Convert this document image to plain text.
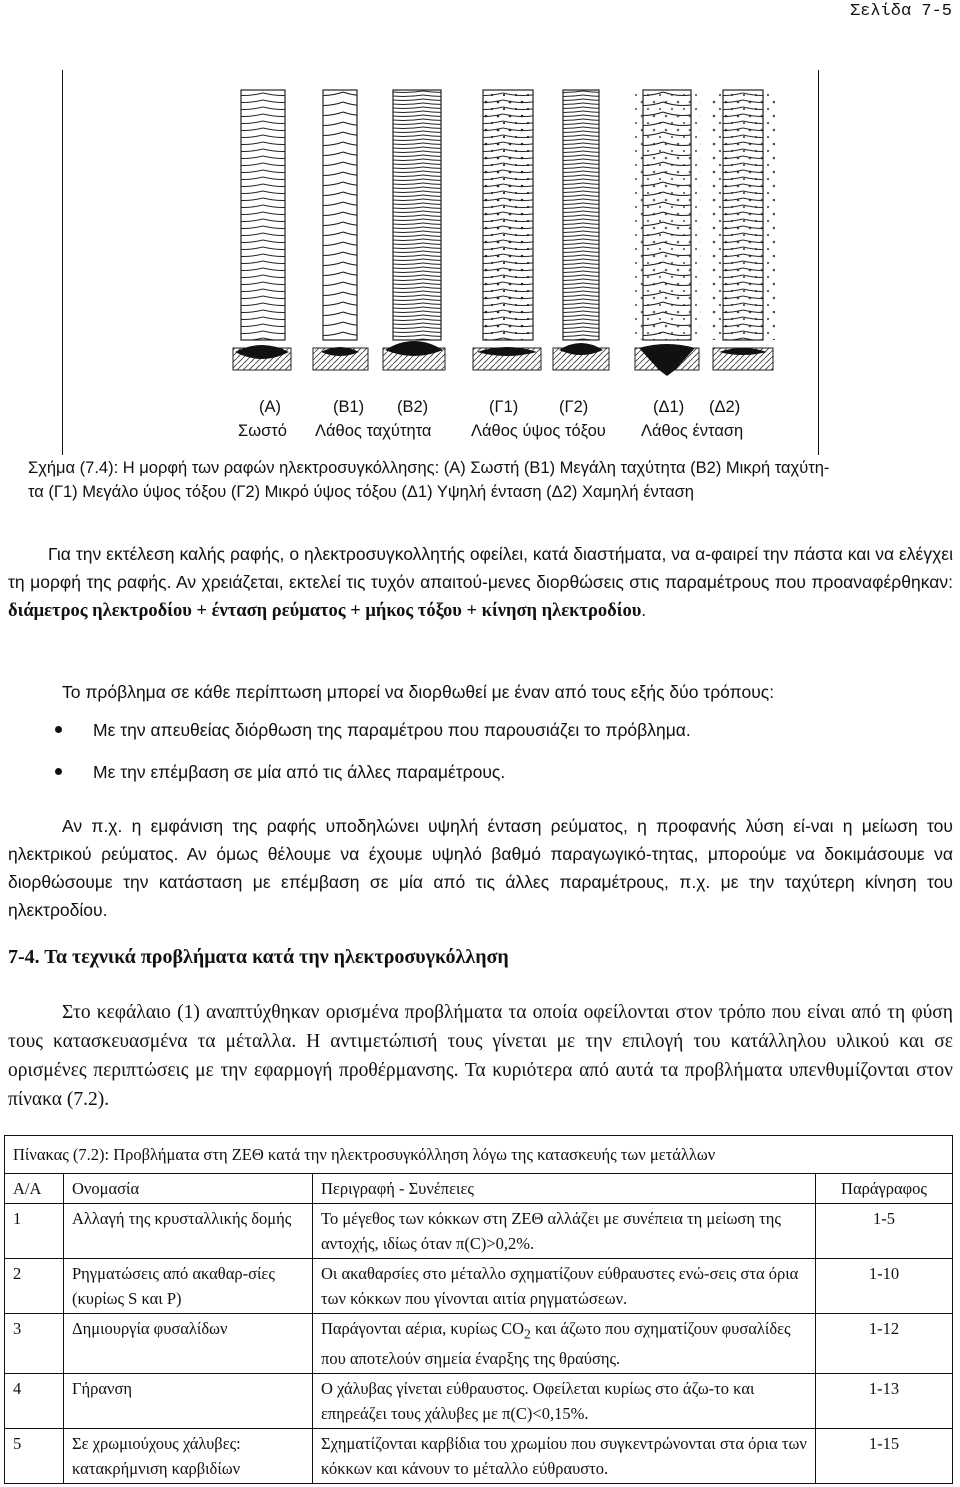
Σελίδα 7-5
(A)
Σωστό
(B1) (B2)
Λάθος ταχύτητα
(Γ1) (Γ2)
Λάθος ύψος τόξου
(Δ1) (Δ2)
Λάθος ένταση
Σχήμα (7.4): Η μορφή των ραφών ηλεκτροσυγκόλλησης: (A) Σωστή (B1) Μεγάλη ταχύτητα (B2) Μικρή ταχύτη-
τα (Γ1) Μεγάλο ύψος τόξου (Γ2) Μικρό ύψος τόξου (Δ1) Υψηλή ένταση (Δ2) Χαμηλή ένταση
Για την εκτέλεση καλής ραφής, ο ηλεκτροσυγκολλητής οφείλει, κατά διαστήματα, να α-φαιρεί την πάστα και να ελέγχει τη μορφή της ραφής. Αν χρειάζεται, εκτελεί τις τυχόν απαιτού-μενες διορθώσεις στις παραμέτρους που προαναφέρθηκαν: διάμετρος ηλεκτροδίου + ένταση ρεύματος + μήκος τόξου + κίνηση ηλεκτροδίου.
Το πρόβλημα σε κάθε περίπτωση μπορεί να διορθωθεί με έναν από τους εξής δύο τρόπους:
Με την απευθείας διόρθωση της παραμέτρου που παρουσιάζει το πρόβλημα.
Με την επέμβαση σε μία από τις άλλες παραμέτρους.
Αν π.χ. η εμφάνιση της ραφής υποδηλώνει υψηλή ένταση ρεύματος, η προφανής λύση εί-ναι η μείωση του ηλεκτρικού ρεύματος. Αν όμως θέλουμε να έχουμε υψηλό βαθμό παραγωγικό-τητας, μπορούμε να δοκιμάσουμε να διορθώσουμε την κατάσταση με επέμβαση σε μία από τις άλλες παραμέτρους, π.χ. με την ταχύτερη κίνηση του ηλεκτροδίου.
7-4. Τα τεχνικά προβλήματα κατά την ηλεκτροσυγκόλληση
Στο κεφάλαιο (1) αναπτύχθηκαν ορισμένα προβλήματα τα οποία οφείλονται στον τρόπο που είναι από τη φύση τους κατασκευασμένα τα μέταλλα. Η αντιμετώπισή τους γίνεται με την επιλογή του κατάλληλου υλικού και σε ορισμένες περιπτώσεις με την εφαρμογή προθέρμανσης. Τα κυριότερα από αυτά τα προβλήματα υπενθυμίζονται στον πίνακα (7.2).
Πίνακας (7.2): Προβλήματα στη ΖΕΘ κατά την ηλεκτροσυγκόλληση λόγω της κατασκευής των μετάλλων			
Α/Α	Ονομασία	Περιγραφή - Συνέπειες	Παράγραφος
1	Αλλαγή της κρυσταλλικής δομής	Το μέγεθος των κόκκων στη ΖΕΘ αλλάζει με συνέπεια τη μείωση της αντοχής, ιδίως όταν π(C)>0,2%.	1-5
2	Ρηγματώσεις από ακαθαρ-σίες (κυρίως S και P)	Οι ακαθαρσίες στο μέταλλο σχηματίζουν εύθραυστες ενώ-σεις στα όρια των κόκκων που γίνονται αιτία ρηγματώσεων.	1-10
3	Δημιουργία φυσαλίδων	Παράγονται αέρια, κυρίως $CO_2$ και άζωτο που σχηματίζουν φυσαλίδες που αποτελούν σημεία έναρξης της θραύσης.	1-12
4	Γήρανση	Ο χάλυβας γίνεται εύθραυστος. Οφείλεται κυρίως στο άζω-το και επηρεάζει τους χάλυβες με π(C)<0,15%.	1-13
5	Σε χρωμιούχους χάλυβες: κατακρήμνιση καρβιδίων	Σχηματίζονται καρβίδια του χρωμίου που συγκεντρώνονται στα όρια των κόκκων και κάνουν το μέταλλο εύθραυστο.	1-15
